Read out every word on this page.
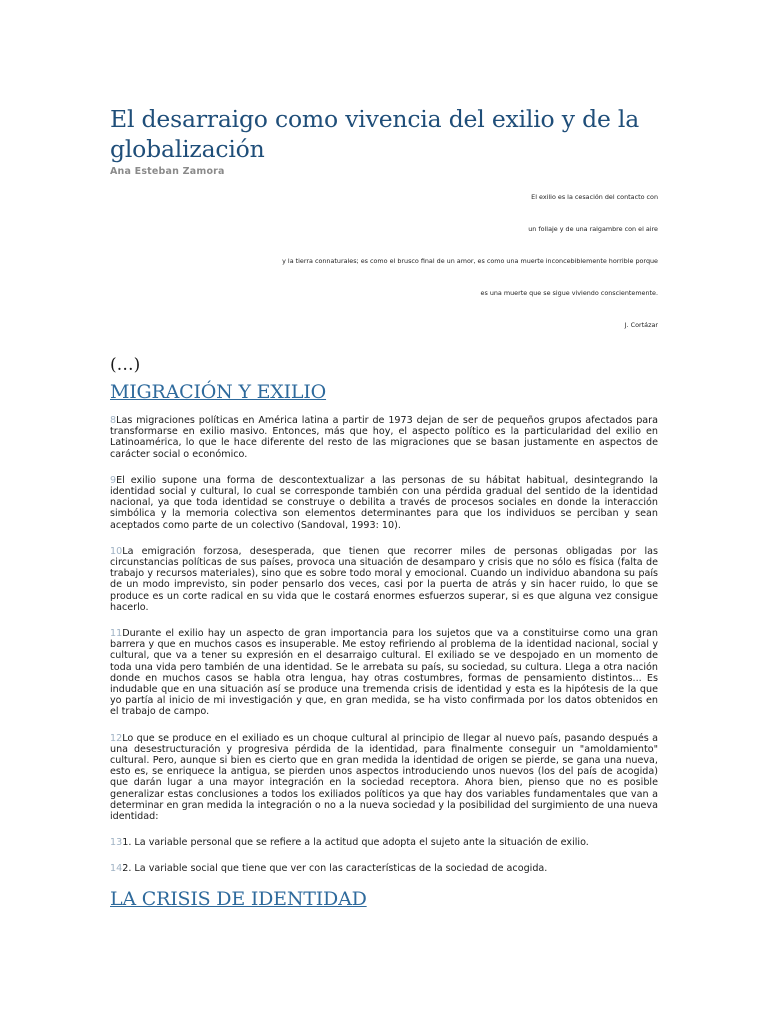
El desarraigo como vivencia del exilio y de la globalización
Ana Esteban Zamora
El exilio es la cesación del contacto con
un follaje y de una raigambre con el aire
y la tierra connaturales; es como el brusco final de un amor, es como una muerte inconcebiblemente horrible porque
es una muerte que se sigue viviendo conscientemente.
J. Cortázar
(…)
MIGRACIÓN Y EXILIO

8Las migraciones políticas en América latina a partir de 1973 dejan de ser de pequeños grupos afectados para transformarse en exilio masivo. Entonces, más que hoy, el aspecto político es la particularidad del exilio en Latinoamérica, lo que le hace diferente del resto de las migraciones que se basan justamente en aspectos de carácter social o económico.

9El exilio supone una forma de descontextualizar a las personas de su hábitat habitual, desintegrando la identidad social y cultural, lo cual se corresponde también con una pérdida gradual del sentido de la identidad nacional, ya que toda identidad se construye o debilita a través de procesos sociales en donde la interacción simbólica y la memoria colectiva son elementos determinantes para que los individuos se perciban y sean aceptados como parte de un colectivo (Sandoval, 1993: 10).

10La emigración forzosa, desesperada, que tienen que recorrer miles de personas obligadas por las circunstancias políticas de sus países, provoca una situación de desamparo y crisis que no sólo es física (falta de trabajo y recursos materiales), sino que es sobre todo moral y emocional. Cuando un individuo abandona su país de un modo imprevisto, sin poder pensarlo dos veces, casi por la puerta de atrás y sin hacer ruido, lo que se produce es un corte radical en su vida que le costará enormes esfuerzos superar, si es que alguna vez consigue hacerlo.

11Durante el exilio hay un aspecto de gran importancia para los sujetos que va a constituirse como una gran barrera y que en muchos casos es insuperable. Me estoy refiriendo al problema de la identidad nacional, social y cultural, que va a tener su expresión en el desarraigo cultural. El exiliado se ve despojado en un momento de toda una vida pero también de una identidad. Se le arrebata su país, su sociedad, su cultura. Llega a otra nación donde en muchos casos se habla otra lengua, hay otras costumbres, formas de pensamiento distintos... Es indudable que en una situación así se produce una tremenda crisis de identidad y esta es la hipótesis de la que yo partía al inicio de mi investigación y que, en gran medida, se ha visto confirmada por los datos obtenidos en el trabajo de campo.

12Lo que se produce en el exiliado es un choque cultural al principio de llegar al nuevo país, pasando después a una desestructuración y progresiva pérdida de la identidad, para finalmente conseguir un "amoldamiento" cultural. Pero, aunque si bien es cierto que en gran medida la identidad de origen se pierde, se gana una nueva, esto es, se enriquece la antigua, se pierden unos aspectos introduciendo unos nuevos (los del país de acogida) que darán lugar a una mayor integración en la sociedad receptora. Ahora bien, pienso que no es posible generalizar estas conclusiones a todos los exiliados políticos ya que hay dos variables fundamentales que van a determinar en gran medida la integración o no a la nueva sociedad y la posibilidad del surgimiento de una nueva identidad:

131. La variable personal que se refiere a la actitud que adopta el sujeto ante la situación de exilio.

142. La variable social que tiene que ver con las características de la sociedad de acogida.

LA CRISIS DE IDENTIDAD
